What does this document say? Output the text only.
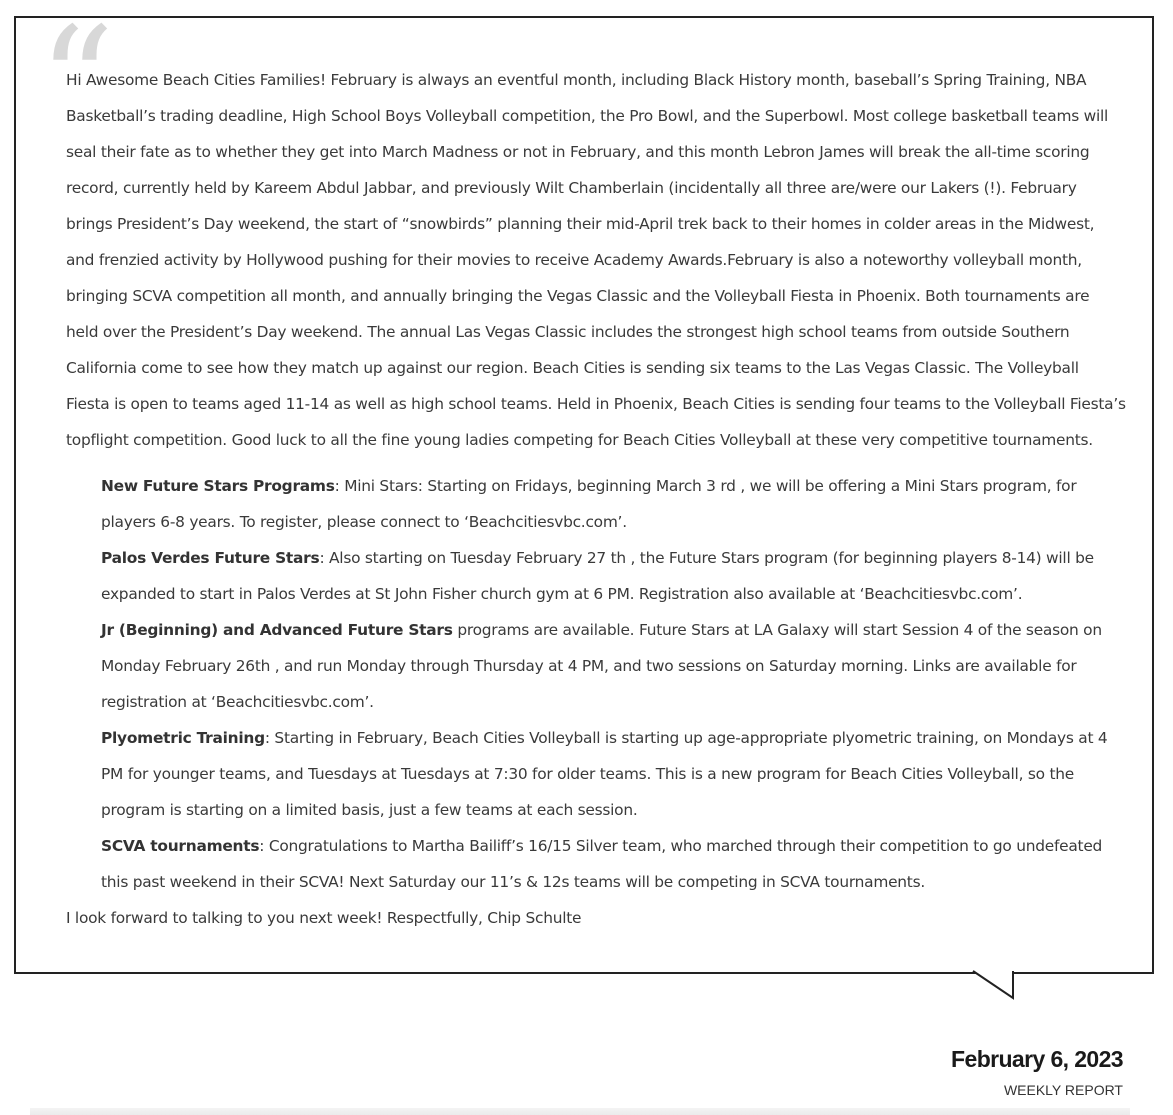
“

Hi Awesome Beach Cities Families! February is always an eventful month, including Black History month, baseball’s Spring Training, NBA Basketball’s trading deadline, High School Boys Volleyball competition, the Pro Bowl, and the Superbowl. Most college basketball teams will seal their fate as to whether they get into March Madness or not in February, and this month Lebron James will break the all-time scoring record, currently held by Kareem Abdul Jabbar, and previously Wilt Chamberlain (incidentally all three are/were our Lakers (!). February brings President’s Day weekend, the start of “snowbirds” planning their mid-April trek back to their homes in colder areas in the Midwest, and frenzied activity by Hollywood pushing for their movies to receive Academy Awards.February is also a noteworthy volleyball month, bringing SCVA competition all month, and annually bringing the Vegas Classic and the Volleyball Fiesta in Phoenix. Both tournaments are held over the President’s Day weekend. The annual Las Vegas Classic includes the strongest high school teams from outside Southern California come to see how they match up against our region. Beach Cities is sending six teams to the Las Vegas Classic. The Volleyball Fiesta is open to teams aged 11-14 as well as high school teams. Held in Phoenix, Beach Cities is sending four teams to the Volleyball Fiesta’s topflight competition. Good luck to all the fine young ladies competing for Beach Cities Volleyball at these very competitive tournaments.

New Future Stars Programs: Mini Stars: Starting on Fridays, beginning March 3 rd , we will be offering a Mini Stars program, for players 6-8 years. To register, please connect to ‘Beachcitiesvbc.com’.

Palos Verdes Future Stars: Also starting on Tuesday February 27 th , the Future Stars program (for beginning players 8-14) will be expanded to start in Palos Verdes at St John Fisher church gym at 6 PM. Registration also available at ‘Beachcitiesvbc.com’.

Jr (Beginning) and Advanced Future Stars programs are available. Future Stars at LA Galaxy will start Session 4 of the season on Monday February 26th , and run Monday through Thursday at 4 PM, and two sessions on Saturday morning. Links are available for registration at ‘Beachcitiesvbc.com’.

Plyometric Training: Starting in February, Beach Cities Volleyball is starting up age-appropriate plyometric training, on Mondays at 4 PM for younger teams, and Tuesdays at Tuesdays at 7:30 for older teams. This is a new program for Beach Cities Volleyball, so the program is starting on a limited basis, just a few teams at each session.

SCVA tournaments: Congratulations to Martha Bailiff’s 16/15 Silver team, who marched through their competition to go undefeated this past weekend in their SCVA! Next Saturday our 11’s & 12s teams will be competing in SCVA tournaments.

I look forward to talking to you next week! Respectfully, Chip Schulte

February 6, 2023
WEEKLY REPORT
